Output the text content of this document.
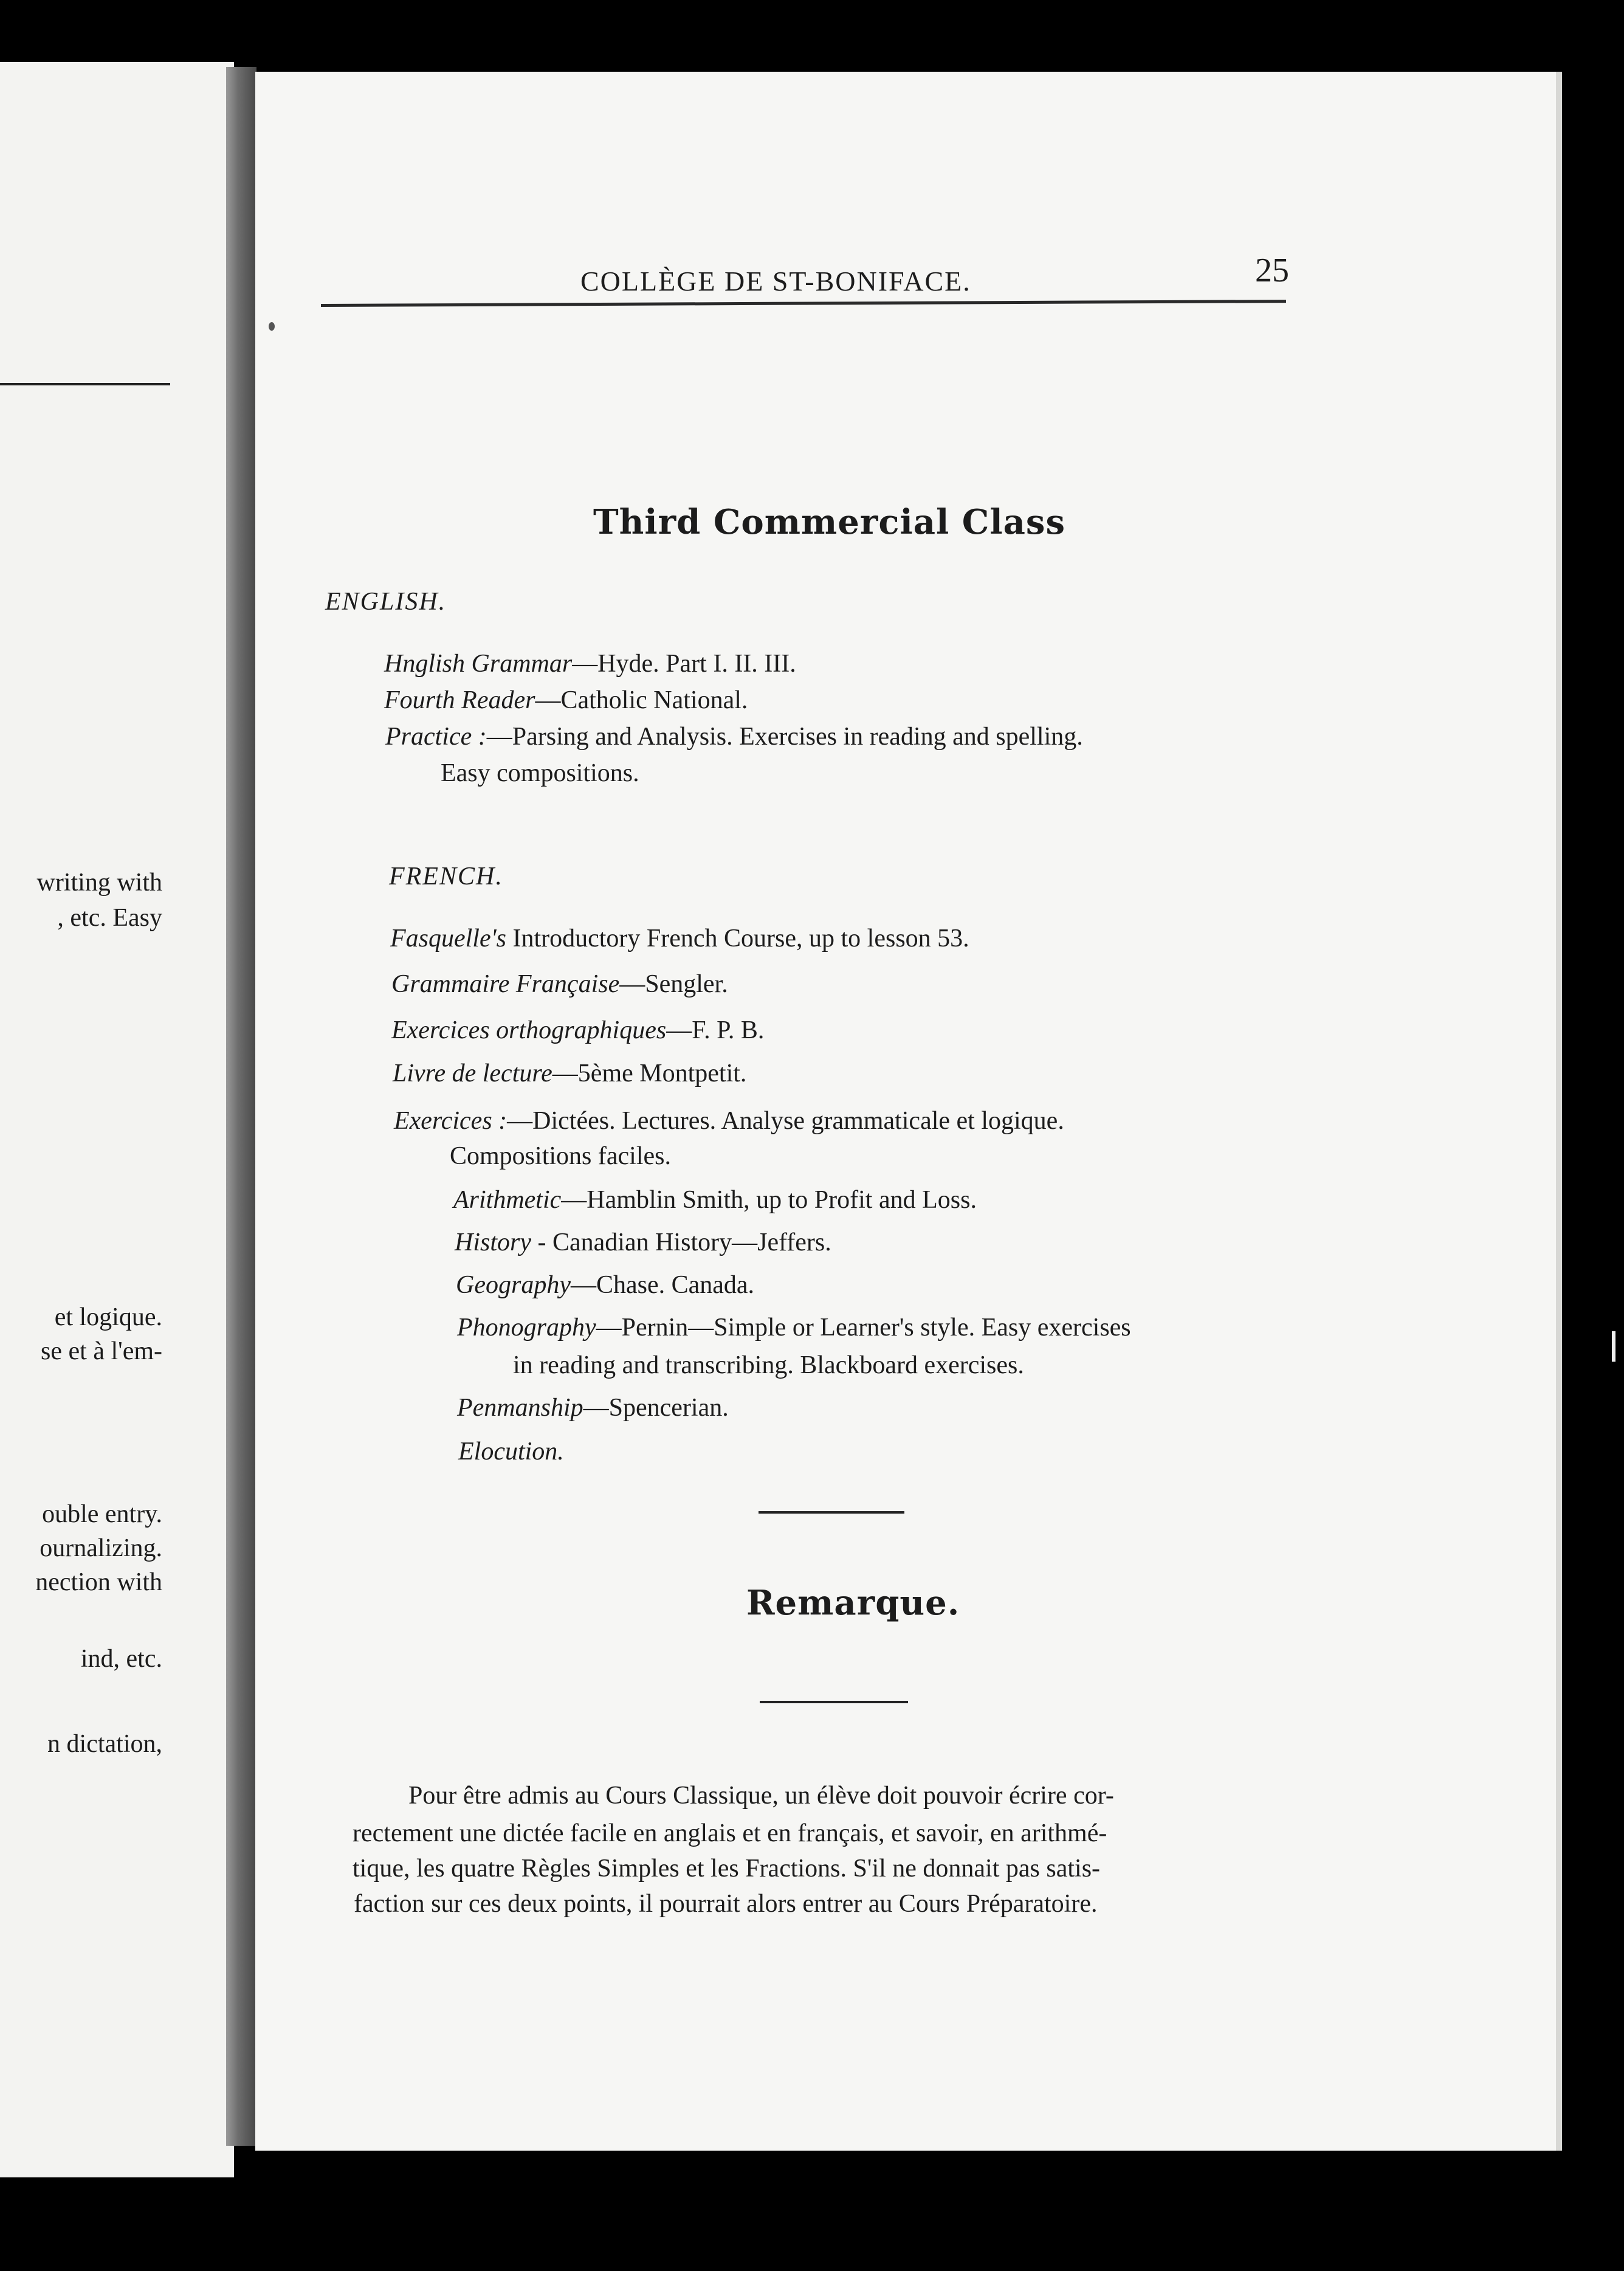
writing with
, etc. Easy
et logique.
se et à l'em-
ouble entry.
ournalizing.
nection with
ind, etc.
n dictation,
COLLÈGE DE ST-BONIFACE.	25
Third Commercial Class
ENGLISH.
Hnglish Grammar—Hyde. Part I. II. III.
Fourth Reader—Catholic National.
Practice :—Parsing and Analysis. Exercises in reading and spelling.
Easy compositions.
FRENCH.
Fasquelle's Introductory French Course, up to lesson 53.
Grammaire Française—Sengler.
Exercices orthographiques—F. P. B.
Livre de lecture—5ème Montpetit.
Exercices :—Dictées. Lectures. Analyse grammaticale et logique.
Compositions faciles.
Arithmetic—Hamblin Smith, up to Profit and Loss.
History - Canadian History—Jeffers.
Geography—Chase. Canada.
Phonography—Pernin—Simple or Learner's style. Easy exercises
in reading and transcribing. Blackboard exercises.
Penmanship—Spencerian.
Elocution.
Remarque.
Pour être admis au Cours Classique, un élève doit pouvoir écrire cor-
rectement une dictée facile en anglais et en français, et savoir, en arithmé-
tique, les quatre Règles Simples et les Fractions. S'il ne donnait pas satis-
faction sur ces deux points, il pourrait alors entrer au Cours Préparatoire.
